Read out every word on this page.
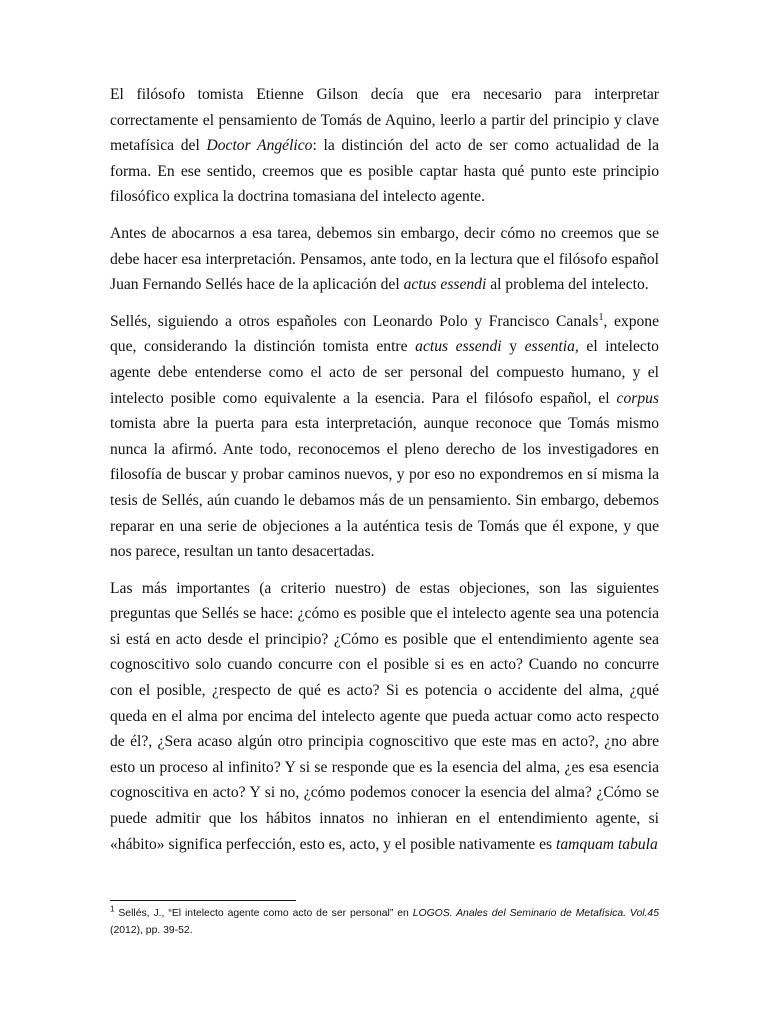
El filósofo tomista Etienne Gilson decía que era necesario para interpretar correctamente el pensamiento de Tomás de Aquino, leerlo a partir del principio y clave metafísica del Doctor Angélico: la distinción del acto de ser como actualidad de la forma. En ese sentido, creemos que es posible captar hasta qué punto este principio filosófico explica la doctrina tomasiana del intelecto agente.

Antes de abocarnos a esa tarea, debemos sin embargo, decir cómo no creemos que se debe hacer esa interpretación. Pensamos, ante todo, en la lectura que el filósofo español Juan Fernando Sellés hace de la aplicación del actus essendi al problema del intelecto.

Sellés, siguiendo a otros españoles con Leonardo Polo y Francisco Canals$^1$, expone que, considerando la distinción tomista entre actus essendi y essentia, el intelecto agente debe entenderse como el acto de ser personal del compuesto humano, y el intelecto posible como equivalente a la esencia. Para el filósofo español, el corpus tomista abre la puerta para esta interpretación, aunque reconoce que Tomás mismo nunca la afirmó. Ante todo, reconocemos el pleno derecho de los investigadores en filosofía de buscar y probar caminos nuevos, y por eso no expondremos en sí misma la tesis de Sellés, aún cuando le debamos más de un pensamiento. Sin embargo, debemos reparar en una serie de objeciones a la auténtica tesis de Tomás que él expone, y que nos parece, resultan un tanto desacertadas.

Las más importantes (a criterio nuestro) de estas objeciones, son las siguientes preguntas que Sellés se hace: ¿cómo es posible que el intelecto agente sea una potencia si está en acto desde el principio? ¿Cómo es posible que el entendimiento agente sea cognoscitivo solo cuando concurre con el posible si es en acto? Cuando no concurre con el posible, ¿respecto de qué es acto? Si es potencia o accidente del alma, ¿qué queda en el alma por encima del intelecto agente que pueda actuar como acto respecto de él?, ¿Sera acaso algún otro principia cognoscitivo que este mas en acto?, ¿no abre esto un proceso al infinito? Y si se responde que es la esencia del alma, ¿es esa esencia cognoscitiva en acto? Y si no, ¿cómo podemos conocer la esencia del alma? ¿Cómo se puede admitir que los hábitos innatos no inhieran en el entendimiento agente, si «hábito» significa perfección, esto es, acto, y el posible nativamente es tamquam tabula

$^1$ Sellés, J., “El intelecto agente como acto de ser personal” en LOGOS. Anales del Seminario de Metafísica. Vol.45 (2012), pp. 39-52.
